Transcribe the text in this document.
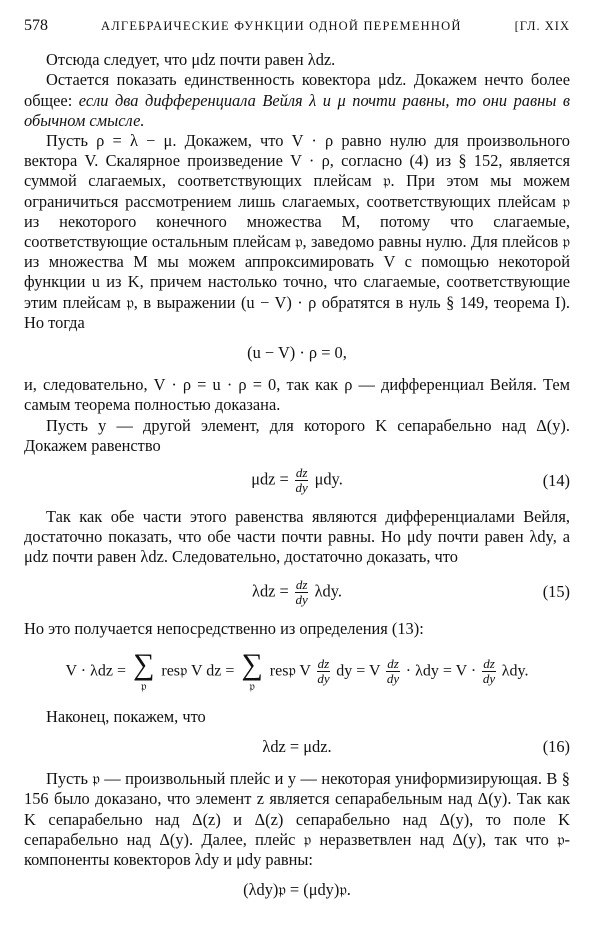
578	АЛГЕБРАИЧЕСКИЕ ФУНКЦИИ ОДНОЙ ПЕРЕМЕННОЙ	[ГЛ. XIX

Отсюда следует, что μdz почти равен λdz.

Остается показать единственность ковектора μdz. Докажем нечто более общее: если два дифференциала Вейля λ и μ почти равны, то они равны в обычном смысле.

Пусть ρ = λ − μ. Докажем, что V · ρ равно нулю для произвольного вектора V. Скалярное произведение V · ρ, согласно (4) из § 152, является суммой слагаемых, соответствующих плейсам 𝔭. При этом мы можем ограничиться рассмотрением лишь слагаемых, соответствующих плейсам 𝔭 из некоторого конечного множества M, потому что слагаемые, соответствующие остальным плейсам 𝔭, заведомо равны нулю. Для плейсов 𝔭 из множества M мы можем аппроксимировать V с помощью некоторой функции u из K, причем настолько точно, что слагаемые, соответствующие этим плейсам 𝔭, в выражении (u − V) · ρ обратятся в нуль § 149, теорема I). Но тогда

(u − V) · ρ = 0,

и, следовательно, V · ρ = u · ρ = 0, так как ρ — дифференциал Вейля. Тем самым теорема полностью доказана.

Пусть y — другой элемент, для которого K сепарабельно над Δ(y). Докажем равенство

$\mu dz = \frac{dz}{dy} \mu dy$.	(14)

Так как обе части этого равенства являются дифференциалами Вейля, достаточно показать, что обе части почти равны. Но μdy почти равен λdy, а μdz почти равен λdz. Следовательно, достаточно доказать, что

$\lambda dz = \frac{dz}{dy} \lambda dy$.	(15)

Но это получается непосредственно из определения (13):

V · λdz = ∑
𝔭
res𝔭 V dz = ∑
𝔭
res𝔭 V $\frac{dz}{dy}$ dy = V $\frac{dz}{dy} \cdot \lambda dy = V \cdot \frac{dz}{dy} \lambda dy$.

Наконец, покажем, что

λdz = μdz.	(16)

Пусть 𝔭 — произвольный плейс и y — некоторая униформизирующая. В § 156 было доказано, что элемент z является сепарабельным над Δ(y). Так как K сепарабельно над Δ(z) и Δ(z) сепарабельно над Δ(y), то поле K сепарабельно над Δ(y). Далее, плейс 𝔭 неразветвлен над Δ(y), так что 𝔭-компоненты ковекторов λdy и μdy равны:

(λdy)𝔭 = (μdy)𝔭.
